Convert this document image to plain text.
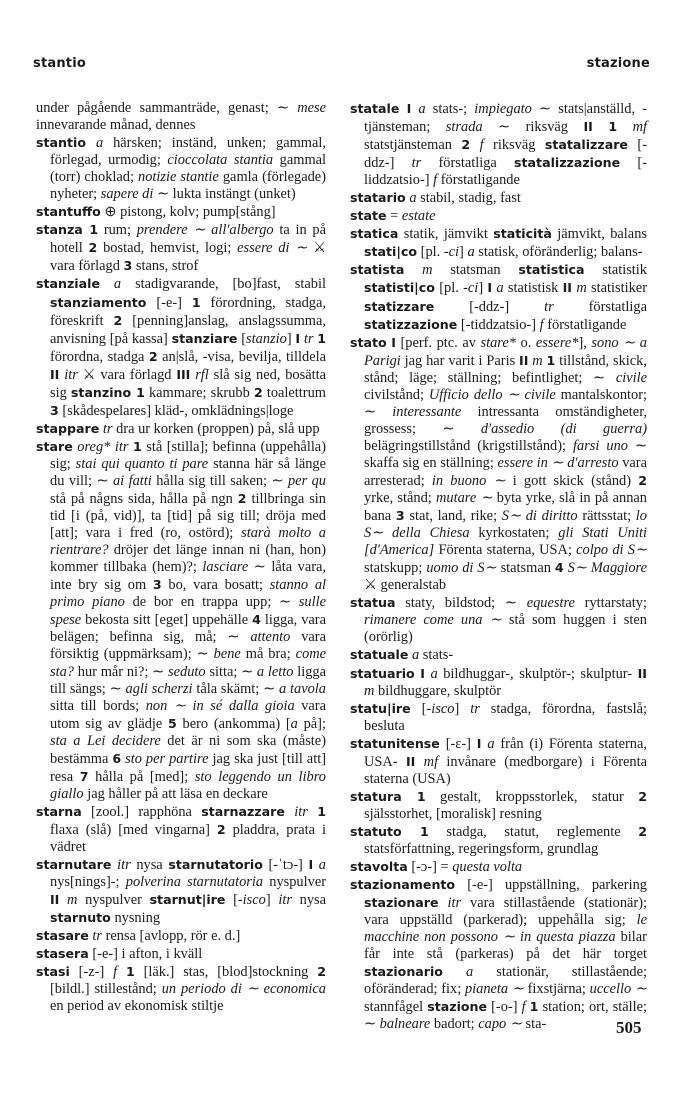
stantio	stazione

under pågående sammanträde, genast; ∼ mese innevarande månad, dennes

stantio a härsken; inständ, unken; gammal, förlegad, urmodig; cioccolata stantia gammal (torr) choklad; notizie stantie gamla (förlegade) nyheter; sapere di ∼ lukta instängt (unket)

stantuffo ⊕ pistong, kolv; pump[stång]

stanza 1 rum; prendere ∼ all'albergo ta in på hotell 2 bostad, hemvist, logi; essere di ∼ ⚔ vara förlagd 3 stans, strof

stanziale a stadigvarande, [bo]fast, stabil stanziamento [-e-] 1 förordning, stadga, föreskrift 2 [penning]anslag, anslagssumma, anvisning [på kassa] stanziare [stanzio] I tr 1 förordna, stadga 2 an|slå, -visa, bevilja, tilldela II itr ⚔ vara förlagd III rfl slå sig ned, bosätta sig stanzino 1 kammare; skrubb 2 toalettrum 3 [skådespelares] kläd-, omklädnings|loge

stappare tr dra ur korken (proppen) på, slå upp

stare oreg* itr 1 stå [stilla]; befinna (uppehålla) sig; stai qui quanto ti pare stanna här så länge du vill; ∼ ai fatti hålla sig till saken; ∼ per qu stå på någns sida, hålla på ngn 2 tillbringa sin tid [i (på, vid)], ta [tid] på sig till; dröja med [att]; vara i fred (ro, ostörd); starà molto a rientrare? dröjer det länge innan ni (han, hon) kommer tillbaka (hem)?; lasciare ∼ låta vara, inte bry sig om 3 bo, vara bosatt; stanno al primo piano de bor en trappa upp; ∼ sulle spese bekosta sitt [eget] uppehälle 4 ligga, vara belägen; befinna sig, må; ∼ attento vara försiktig (uppmärksam); ∼ bene må bra; come sta? hur mår ni?; ∼ seduto sitta; ∼ a letto ligga till sängs; ∼ agli scherzi tåla skämt; ∼ a tavola sitta till bords; non ∼ in sé dalla gioia vara utom sig av glädje 5 bero (ankomma) [a på]; sta a Lei decidere det är ni som ska (måste) bestämma 6 sto per partire jag ska just [till att] resa 7 hålla på [med]; sto leggendo un libro giallo jag håller på att läsa en deckare

starna [zool.] rapphöna starnazzare itr 1 flaxa (slå) [med vingarna] 2 pladdra, prata i vädret

starnutare itr nysa starnutatorio [-ˈtɔ-] I a nys[nings]-; polverina starnutatoria nyspulver II m nyspulver starnut|ire [-isco] itr nysa starnuto nysning

stasare tr rensa [avlopp, rör e. d.]

stasera [-e-] i afton, i kväll

stasi [-z-] f 1 [läk.] stas, [blod]stockning 2 [bildl.] stillestånd; un periodo di ∼ economica en period av ekonomisk stiltje

statale I a stats-; impiegato ∼ stats|anställd, -tjänsteman; strada ∼ riksväg II 1 mf statstjänsteman 2 f riksväg statalizzare [-ddz-] tr förstatliga statalizzazione [-liddzatsio-] f förstatligande

statario a stabil, stadig, fast

state = estate

statica statik, jämvikt staticità jämvikt, balans stati|co [pl. -ci] a statisk, oföränderlig; balans-

statista m statsman statistica statistik statisti|co [pl. -ci] I a statistisk II m statistiker statizzare [-ddz-] tr förstatliga statizzazione [-tiddzatsio-] f förstatligande

stato I [perf. ptc. av stare* o. essere*], sono ∼ a Parigi jag har varit i Paris II m 1 tillstånd, skick, stånd; läge; ställning; befintlighet; ∼ civile civilstånd; Ufficio dello ∼ civile mantalskontor; ∼ interessante intressanta omständigheter, grossess; ∼ d'assedio (di guerra) belägringstillstånd (krigstillstånd); farsi uno ∼ skaffa sig en ställning; essere in ∼ d'arresto vara arresterad; in buono ∼ i gott skick (stånd) 2 yrke, stånd; mutare ∼ byta yrke, slå in på annan bana 3 stat, land, rike; S∼ di diritto rättsstat; lo S∼ della Chiesa kyrkostaten; gli Stati Uniti [d'America] Förenta staterna, USA; colpo di S∼ statskupp; uomo di S∼ statsman 4 S∼ Maggiore ⚔ generalstab

statua staty, bildstod; ∼ equestre ryttarstaty; rimanere come una ∼ stå som huggen i sten (orörlig)

statuale a stats-

statuario I a bildhuggar-, skulptör-; skulptur- II m bildhuggare, skulptör

statu|ire [-isco] tr stadga, förordna, fastslå; besluta

statunitense [-ɛ-] I a från (i) Förenta staterna, USA- II mf invånare (medborgare) i Förenta staterna (USA)

statura 1 gestalt, kroppsstorlek, statur 2 själsstorhet, [moralisk] resning

statuto 1 stadga, statut, reglemente 2 statsförfattning, regeringsform, grundlag

stavolta [-ɔ-] = questa volta

stazionamento [-e-] uppställning, parkering stazionare itr vara stillastående (stationär); vara uppställd (parkerad); uppehålla sig; le macchine non possono ∼ in questa piazza bilar får inte stå (parkeras) på det här torget stazionario a stationär, stillastående; oföränderad; fix; pianeta ∼ fixstjärna; uccello ∼ stannfågel stazione [-o-] f 1 station; ort, ställe; ∼ balneare badort; capo ∼ sta-	505
